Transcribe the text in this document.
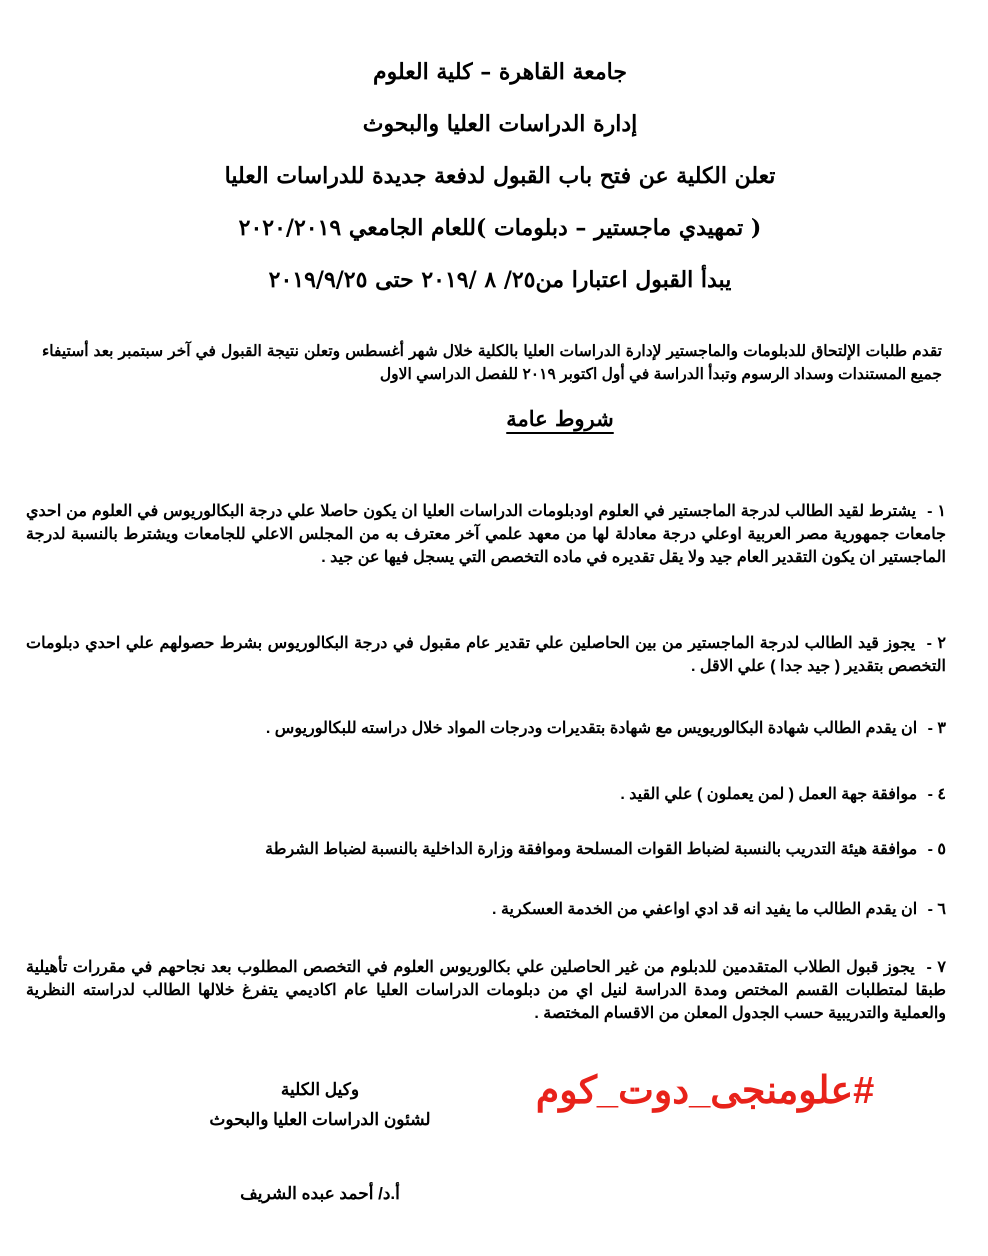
جامعة القاهرة – كلية العلوم
إدارة الدراسات العليا والبحوث
تعلن الكلية عن فتح باب القبول لدفعة جديدة للدراسات العليا
( تمهيدي ماجستير – دبلومات )للعام الجامعي ٢٠٢٠/٢٠١٩
يبدأ القبول اعتبارا من٢٥/ ٨ /٢٠١٩ حتى ٢٠١٩/٩/٢٥
تقدم طلبات الإلتحاق للدبلومات والماجستير لإدارة الدراسات العليا بالكلية خلال شهر أغسطس وتعلن نتيجة القبول في آخر سبتمبر بعد أستيفاء جميع المستندات وسداد الرسوم وتبدأ الدراسة في أول اكتوبر ٢٠١٩ للفصل الدراسي الاول
شروط عامة
١ - يشترط لقيد الطالب لدرجة الماجستير في العلوم اودبلومات الدراسات العليا ان يكون حاصلا علي درجة البكالوريوس في العلوم من احدي جامعات جمهورية مصر العربية اوعلي درجة معادلة لها من معهد علمي آخر معترف به من المجلس الاعلي للجامعات ويشترط بالنسبة لدرجة الماجستير ان يكون التقدير العام جيد ولا يقل تقديره في ماده التخصص التي يسجل فيها عن جيد .
٢ - يجوز قيد الطالب لدرجة الماجستير من بين الحاصلين علي تقدير عام مقبول في درجة البكالوريوس بشرط حصولهم علي احدي دبلومات التخصص بتقدير ( جيد جدا ) علي الاقل .
٣ - ان يقدم الطالب شهادة البكالوريويس مع شهادة بتقديرات ودرجات المواد خلال دراسته للبكالوريوس .
٤ - موافقة جهة العمل ( لمن يعملون ) علي القيد .
٥ - موافقة هيئة التدريب بالنسبة لضباط القوات المسلحة وموافقة وزارة الداخلية بالنسبة لضباط الشرطة
٦ - ان يقدم الطالب ما يفيد انه قد ادي اواعفي من الخدمة العسكرية .
٧ - يجوز قبول الطلاب المتقدمين للدبلوم من غير الحاصلين علي بكالوريوس العلوم في التخصص المطلوب بعد نجاحهم في مقررات تأهيلية طبقا لمتطلبات القسم المختص ومدة الدراسة لنيل اي من دبلومات الدراسات العليا عام اكاديمي يتفرغ خلالها الطالب لدراسته النظرية والعملية والتدريبية حسب الجدول المعلن من الاقسام المختصة .
وكيل الكلية
لشئون الدراسات العليا والبحوث
أ.د/ أحمد عبده الشريف
#علومنجى_دوت_كوم
